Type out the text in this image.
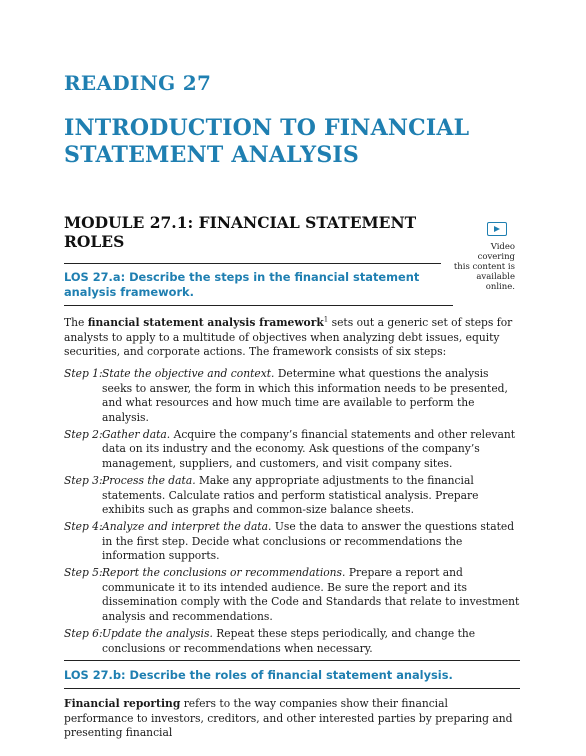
READING 27
INTRODUCTION TO FINANCIAL
STATEMENT ANALYSIS
MODULE 27.1: FINANCIAL STATEMENT ROLES	Video covering
this content is
available online.
LOS 27.a: Describe the steps in the financial statement analysis framework.
The financial statement analysis framework$^1$ sets out a generic set of steps for analysts to apply to a multitude of objectives when analyzing debt issues, equity securities, and corporate actions. The framework consists of six steps:
Step 1: State the objective and context. Determine what questions the analysis seeks to answer, the form in which this information needs to be presented, and what resources and how much time are available to perform the analysis.
Step 2: Gather data. Acquire the company’s financial statements and other relevant data on its industry and the economy. Ask questions of the company’s management, suppliers, and customers, and visit company sites.
Step 3: Process the data. Make any appropriate adjustments to the financial statements. Calculate ratios and perform statistical analysis. Prepare exhibits such as graphs and common-size balance sheets.
Step 4: Analyze and interpret the data. Use the data to answer the questions stated in the first step. Decide what conclusions or recommendations the information supports.
Step 5: Report the conclusions or recommendations. Prepare a report and communicate it to its intended audience. Be sure the report and its dissemination comply with the Code and Standards that relate to investment analysis and recommendations.
Step 6: Update the analysis. Repeat these steps periodically, and change the conclusions or recommendations when necessary.
LOS 27.b: Describe the roles of financial statement analysis.
Financial reporting refers to the way companies show their financial performance to investors, creditors, and other interested parties by preparing and presenting financial
